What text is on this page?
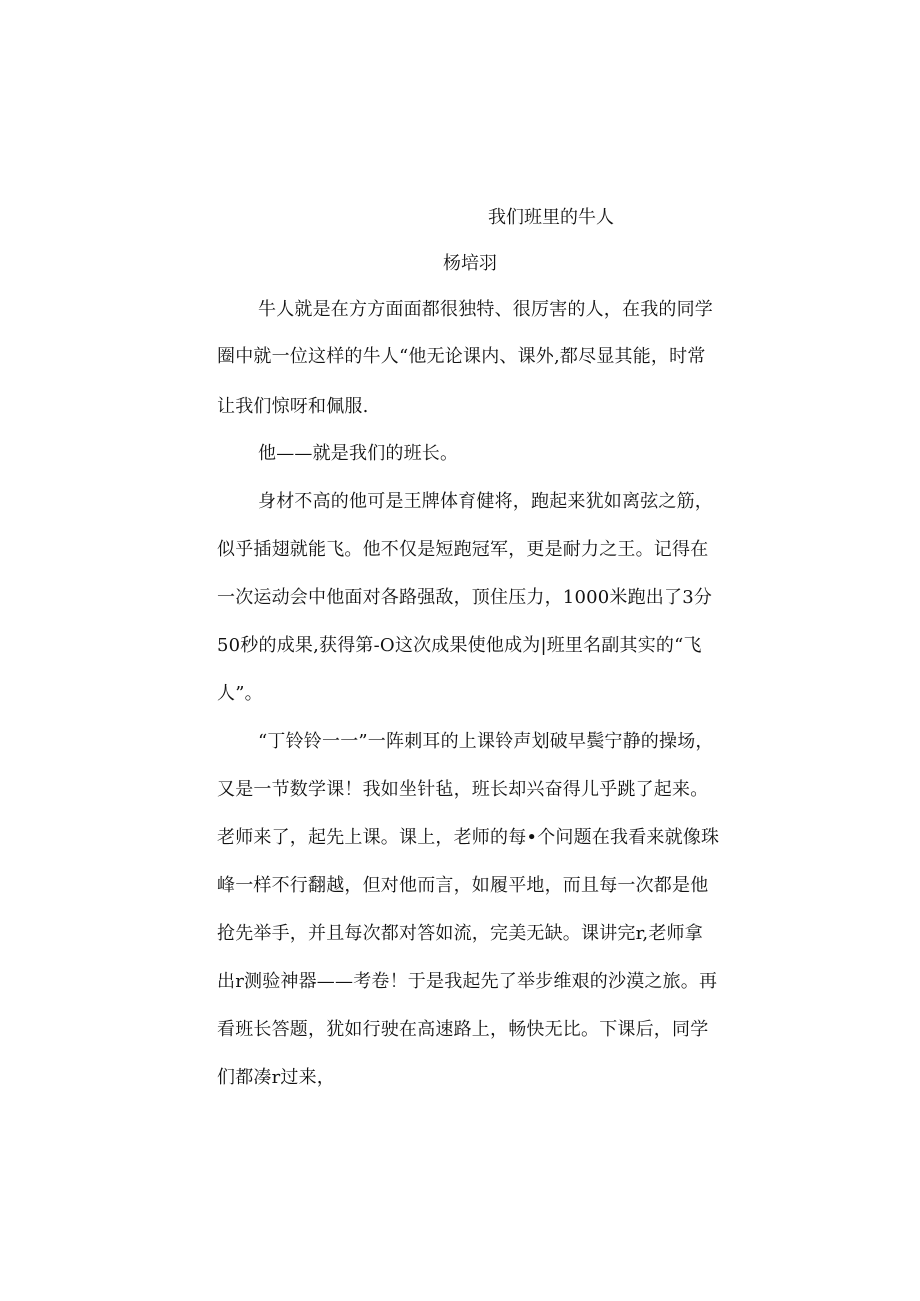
我们班里的牛人
杨培羽
牛人就是在方方面面都很独特、很厉害的人，在我的同学
圈中就一位这样的牛人“他无论课内、课外,都尽显其能，时常
让我们惊呀和佩服.
他——就是我们的班长。
身材不高的他可是王牌体育健将，跑起来犹如离弦之筋，
似乎插翅就能飞。他不仅是短跑冠军，更是耐力之王。记得在
一次运动会中他面对各路强敌，顶住压力，1000米跑出了3分
50秒的成果,获得第-O这次成果使他成为|班里名副其实的“飞
人”。
“丁铃铃一一”一阵刺耳的上课铃声划破早鬓宁静的操场，
又是一节数学课！我如坐针毡，班长却兴奋得儿乎跳了起来。
老师来了，起先上课。课上，老师的每•个问题在我看来就像珠
峰一样不行翻越，但对他而言，如履平地，而且每一次都是他
抢先举手，并且每次都对答如流，完美无缺。课讲完r,老师拿
出r测验神器——考卷！于是我起先了举步维艰的沙漠之旅。再
看班长答题，犹如行驶在高速路上，畅快无比。下课后，同学
们都凑r过来，
